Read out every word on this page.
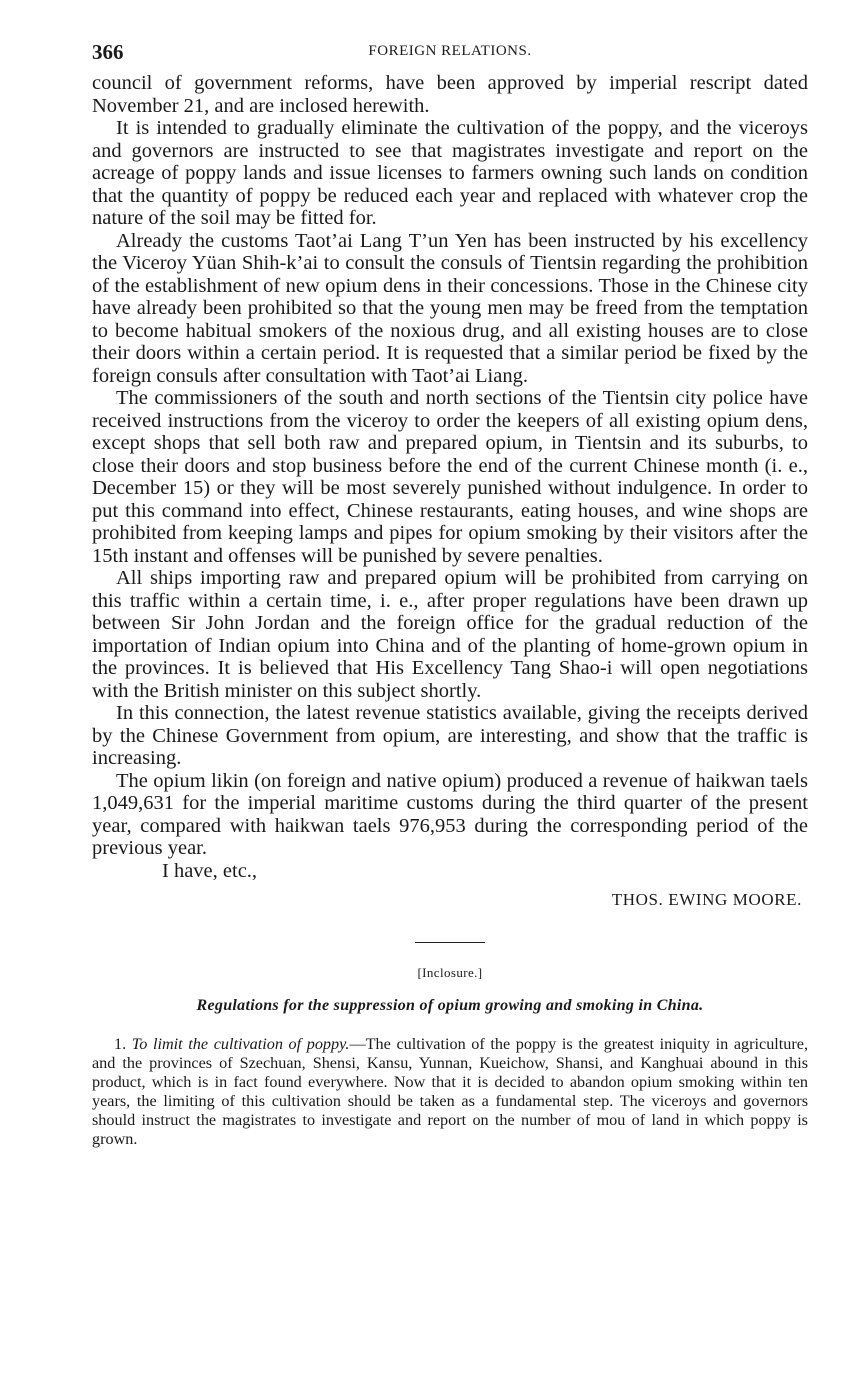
366	FOREIGN RELATIONS.

council of government reforms, have been approved by imperial rescript dated November 21, and are inclosed herewith.

It is intended to gradually eliminate the cultivation of the poppy, and the viceroys and governors are instructed to see that magistrates investigate and report on the acreage of poppy lands and issue licenses to farmers owning such lands on condition that the quantity of poppy be reduced each year and replaced with whatever crop the nature of the soil may be fitted for.

Already the customs Taot’ai Lang T’un Yen has been instructed by his excellency the Viceroy Yüan Shih-k’ai to consult the consuls of Tientsin regarding the prohibition of the establishment of new opium dens in their concessions. Those in the Chinese city have already been prohibited so that the young men may be freed from the temptation to become habitual smokers of the noxious drug, and all existing houses are to close their doors within a certain period. It is requested that a similar period be fixed by the foreign consuls after consultation with Taot’ai Liang.

The commissioners of the south and north sections of the Tientsin city police have received instructions from the viceroy to order the keepers of all existing opium dens, except shops that sell both raw and prepared opium, in Tientsin and its suburbs, to close their doors and stop business before the end of the current Chinese month (i. e., December 15) or they will be most severely punished without indulgence. In order to put this command into effect, Chinese restaurants, eating houses, and wine shops are prohibited from keeping lamps and pipes for opium smoking by their visitors after the 15th instant and offenses will be punished by severe penalties.

All ships importing raw and prepared opium will be prohibited from carrying on this traffic within a certain time, i. e., after proper regulations have been drawn up between Sir John Jordan and the foreign office for the gradual reduction of the importation of Indian opium into China and of the planting of home-grown opium in the provinces. It is believed that His Excellency Tang Shao-i will open negotiations with the British minister on this subject shortly.

In this connection, the latest revenue statistics available, giving the receipts derived by the Chinese Government from opium, are interesting, and show that the traffic is increasing.

The opium likin (on foreign and native opium) produced a revenue of haikwan taels 1,049,631 for the imperial maritime customs during the third quarter of the present year, compared with haikwan taels 976,953 during the corresponding period of the previous year.

I have, etc.,

THOS. EWING MOORE.
[Inclosure.]
Regulations for the suppression of opium growing and smoking in China.

1. To limit the cultivation of poppy.—The cultivation of the poppy is the greatest iniquity in agriculture, and the provinces of Szechuan, Shensi, Kansu, Yunnan, Kueichow, Shansi, and Kanghuai abound in this product, which is in fact found everywhere. Now that it is decided to abandon opium smoking within ten years, the limiting of this cultivation should be taken as a fundamental step. The viceroys and governors should instruct the magistrates to investigate and report on the number of mou of land in which poppy is grown.
